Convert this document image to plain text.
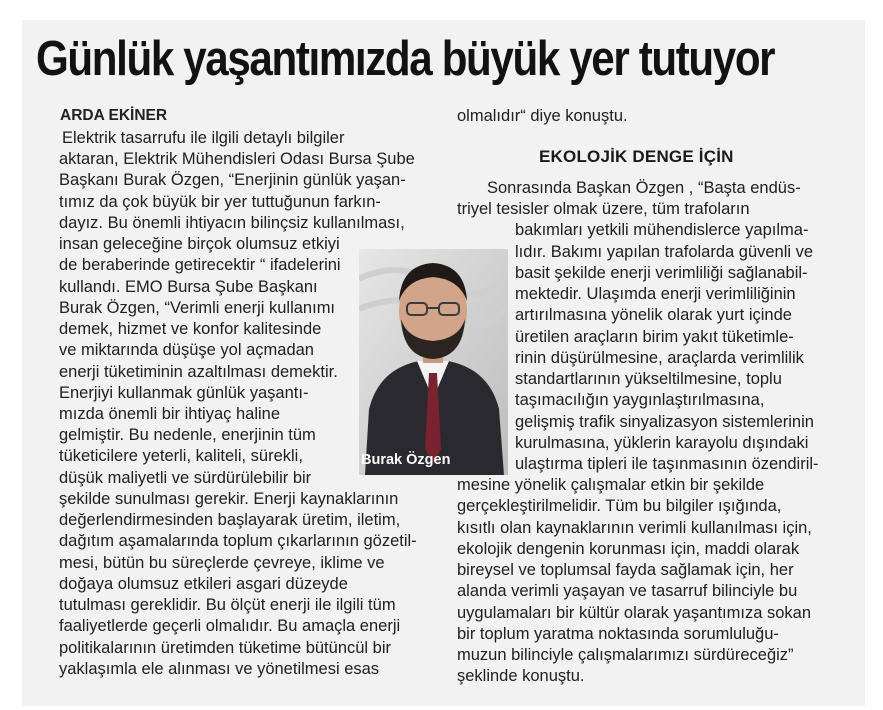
Günlük yaşantımızda büyük yer tutuyor
ARDA EKİNER
Elektrik tasarrufu ile ilgili detaylı bilgiler
aktaran, Elektrik Mühendisleri Odası Bursa Şube
Başkanı Burak Özgen, “Enerjinin günlük yaşan-
tımız da çok büyük bir yer tuttuğunun farkın-
dayız. Bu önemli ihtiyacın bilinçsiz kullanılması,
insan geleceğine birçok olumsuz etkiyi
de beraberinde getirecektir “ ifadelerini
kullandı. EMO Bursa Şube Başkanı
Burak Özgen, “Verimli enerji kullanımı
demek, hizmet ve konfor kalitesinde
ve miktarında düşüşe yol açmadan
enerji tüketiminin azaltılması demektir.
Enerjiyi kullanmak günlük yaşantı-
mızda önemli bir ihtiyaç haline
gelmiştir. Bu nedenle, enerjinin tüm
tüketicilere yeterli, kaliteli, sürekli,
düşük maliyetli ve sürdürülebilir bir
şekilde sunulması gerekir. Enerji kaynaklarının
değerlendirmesinden başlayarak üretim, iletim,
dağıtım aşamalarında toplum çıkarlarının gözetil-
mesi, bütün bu süreçlerde çevreye, iklime ve
doğaya olumsuz etkileri asgari düzeyde
tutulması gereklidir. Bu ölçüt enerji ile ilgili tüm
faaliyetlerde geçerli olmalıdır. Bu amaçla enerji
politikalarının üretimden tüketime bütüncül bir
yaklaşımla ele alınması ve yönetilmesi esas
olmalıdır“ diye konuştu.
EKOLOJİK DENGE İÇİN
Sonrasında Başkan Özgen , “Başta endüs-
triyel tesisler olmak üzere, tüm trafoların
bakımları yetkili mühendislerce yapılma-
lıdır. Bakımı yapılan trafolarda güvenli ve
basit şekilde enerji verimliliği sağlanabil-
mektedir. Ulaşımda enerji verimliliğinin
artırılmasına yönelik olarak yurt içinde
üretilen araçların birim yakıt tüketimle-
rinin düşürülmesine, araçlarda verimlilik
standartlarının yükseltilmesine, toplu
taşımacılığın yaygınlaştırılmasına,
gelişmiş trafik sinyalizasyon sistemlerinin
kurulmasına, yüklerin karayolu dışındaki
ulaştırma tipleri ile taşınmasının özendiril-
mesine yönelik çalışmalar etkin bir şekilde
gerçekleştirilmelidir. Tüm bu bilgiler ışığında,
kısıtlı olan kaynaklarının verimli kullanılması için,
ekolojik dengenin korunması için, maddi olarak
bireysel ve toplumsal fayda sağlamak için, her
alanda verimli yaşayan ve tasarruf bilinciyle bu
uygulamaları bir kültür olarak yaşantımıza sokan
bir toplum yaratma noktasında sorumluluğu-
muzun bilinciyle çalışmalarımızı sürdüreceğiz”
şeklinde konuştu.
Burak Özgen
